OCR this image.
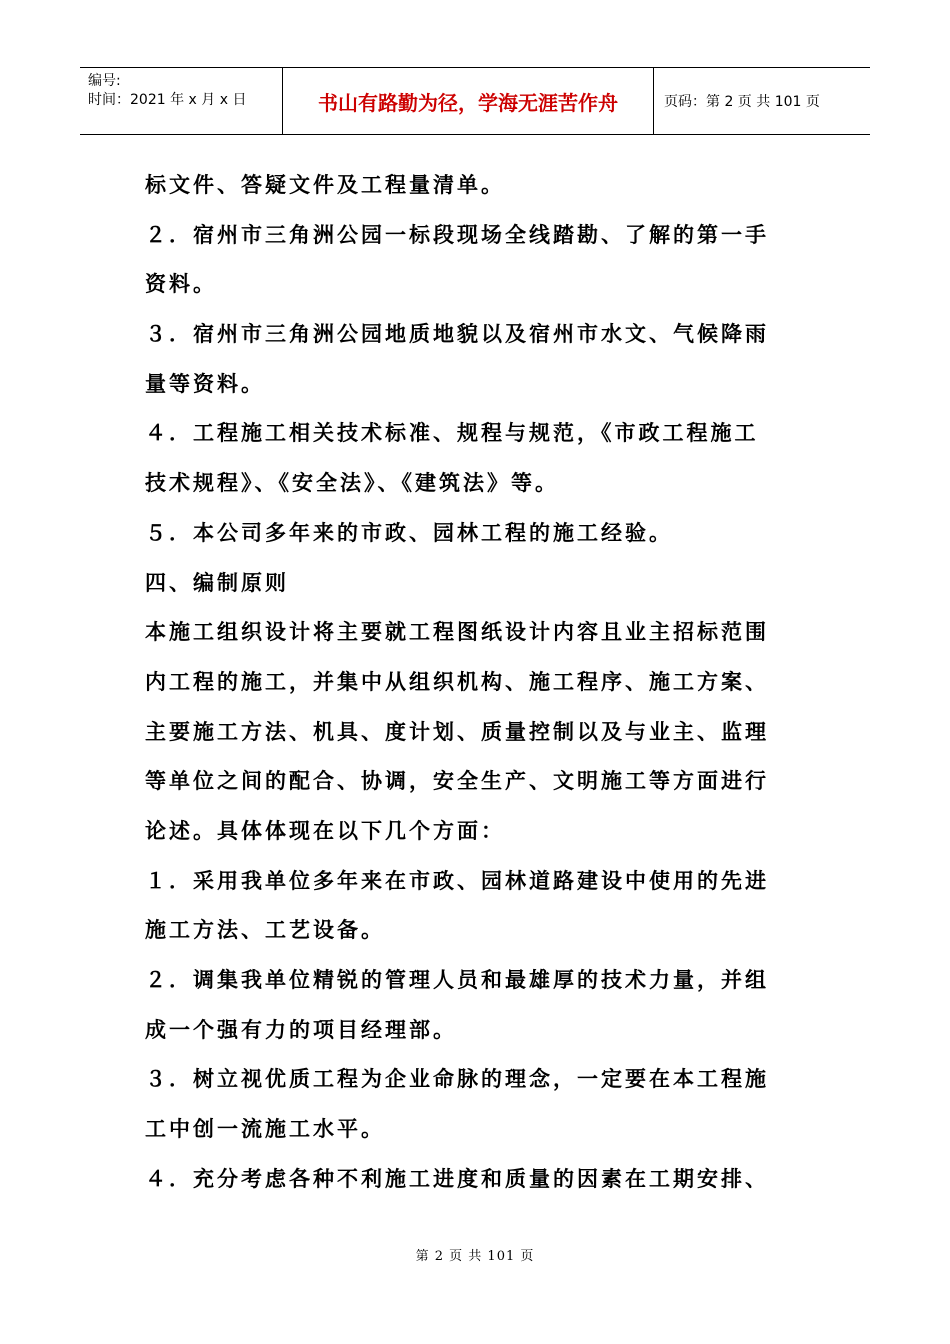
编号:
时间：2021 年 x 月 x 日	书山有路勤为径，学海无涯苦作舟	页码：第 2 页 共 101 页
标文件、答疑文件及工程量清单。
２．宿州市三角洲公园一标段现场全线踏勘、了解的第一手
资料。
３．宿州市三角洲公园地质地貌以及宿州市水文、气候降雨
量等资料。
４．工程施工相关技术标准、规程与规范，《市政工程施工
技术规程》、《安全法》、《建筑法》等。
５．本公司多年来的市政、园林工程的施工经验。
四、编制原则
本施工组织设计将主要就工程图纸设计内容且业主招标范围
内工程的施工，并集中从组织机构、施工程序、施工方案、
主要施工方法、机具、度计划、质量控制以及与业主、监理
等单位之间的配合、协调，安全生产、文明施工等方面进行
论述。具体体现在以下几个方面：
１．采用我单位多年来在市政、园林道路建设中使用的先进
施工方法、工艺设备。
２．调集我单位精锐的管理人员和最雄厚的技术力量，并组
成一个强有力的项目经理部。
３．树立视优质工程为企业命脉的理念，一定要在本工程施
工中创一流施工水平。
４．充分考虑各种不利施工进度和质量的因素在工期安排、
第 2 页 共 101 页
